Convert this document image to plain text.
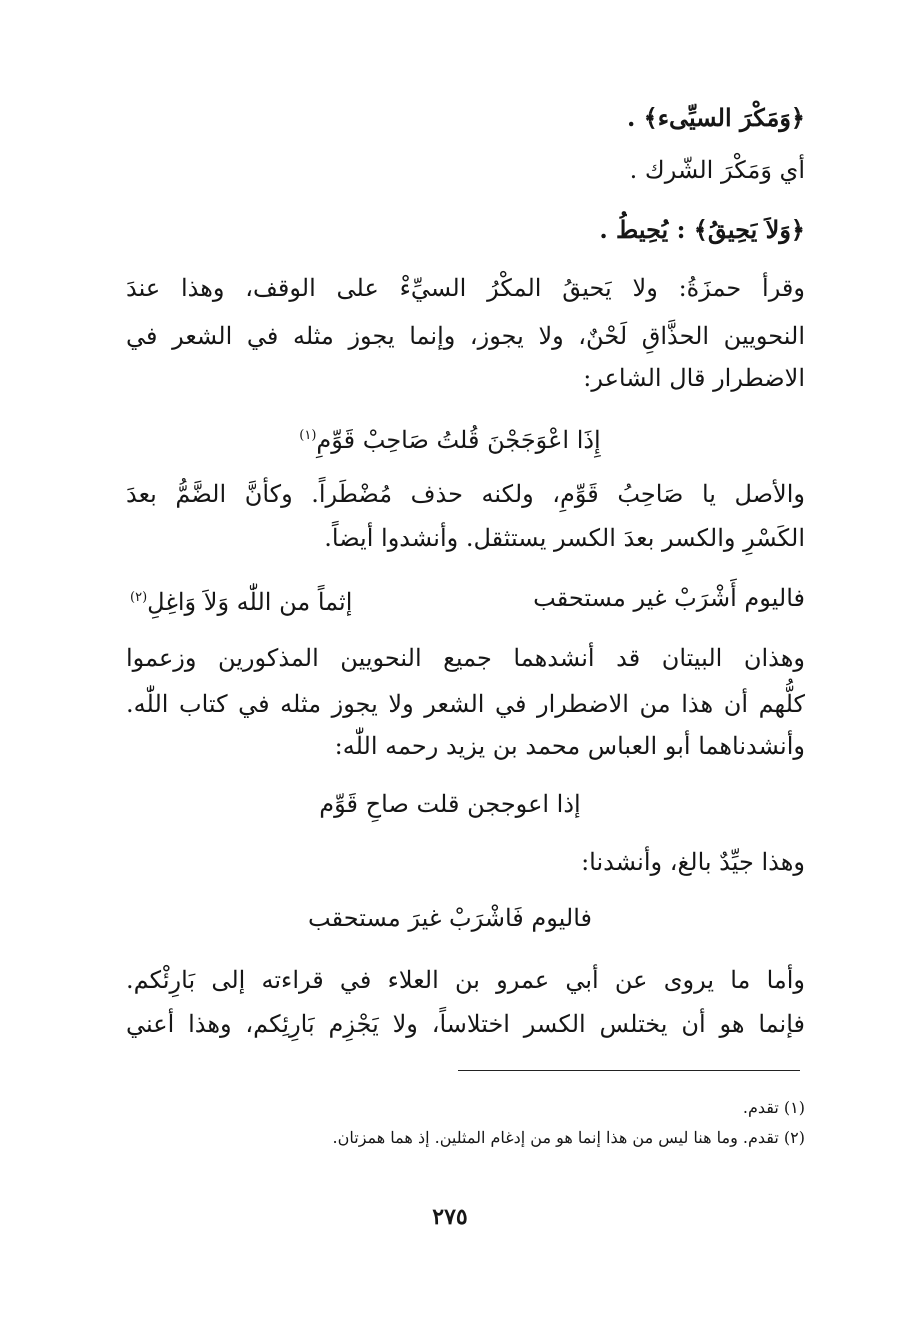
﴿وَمَكْرَ السيِّىء﴾ .

أي وَمَكْرَ الشّرك .

﴿وَلاَ يَحِيقُ﴾ : يُحِيطُ .

وقرأ حمزَةُ: ولا يَحيقُ المكْرُ السيِّءْ على الوقف، وهذا عندَ

النحويين الحذَّاقِ لَحْنٌ، ولا يجوز، وإنما يجوز مثله في الشعر في

الاضطرار قال الشاعر:

إِذَا اعْوَجَجْنَ قُلتُ صَاحِبْ قَوِّمِ$^{(١)}$

والأصل يا صَاحِبُ قَوِّمِ، ولكنه حذف مُضْطَراً. وكأنَّ الضَّمُّ بعدَ

الكَسْرِ والكسر بعدَ الكسر يستثقل. وأنشدوا أيضاً.

فاليوم أَشْرَبْ غير مستحقب
إثماً من اللّٰه وَلاَ وَاغِلِ$^{(٢)}$

وهذان البيتان قد أنشدهما جميع النحويين المذكورين وزعموا

كلُّهم أن هذا من الاضطرار في الشعر ولا يجوز مثله في كتاب اللّٰه.

وأنشدناهما أبو العباس محمد بن يزيد رحمه اللّٰه:

إذا اعوججن قلت صاحِ قَوِّم

وهذا جيِّدٌ بالغ، وأنشدنا:

فاليوم فَاشْرَبْ غيرَ مستحقب

وأما ما يروى عن أبي عمرو بن العلاء في قراءته إلى بَارِئْكم.

فإنما هو أن يختلس الكسر اختلاساً، ولا يَجْزِم بَارِئِكم، وهذا أعني

(١) تقدم.
(٢) تقدم. وما هنا ليس من هذا إنما هو من إدغام المثلين. إذ هما همزتان.
٢٧٥
